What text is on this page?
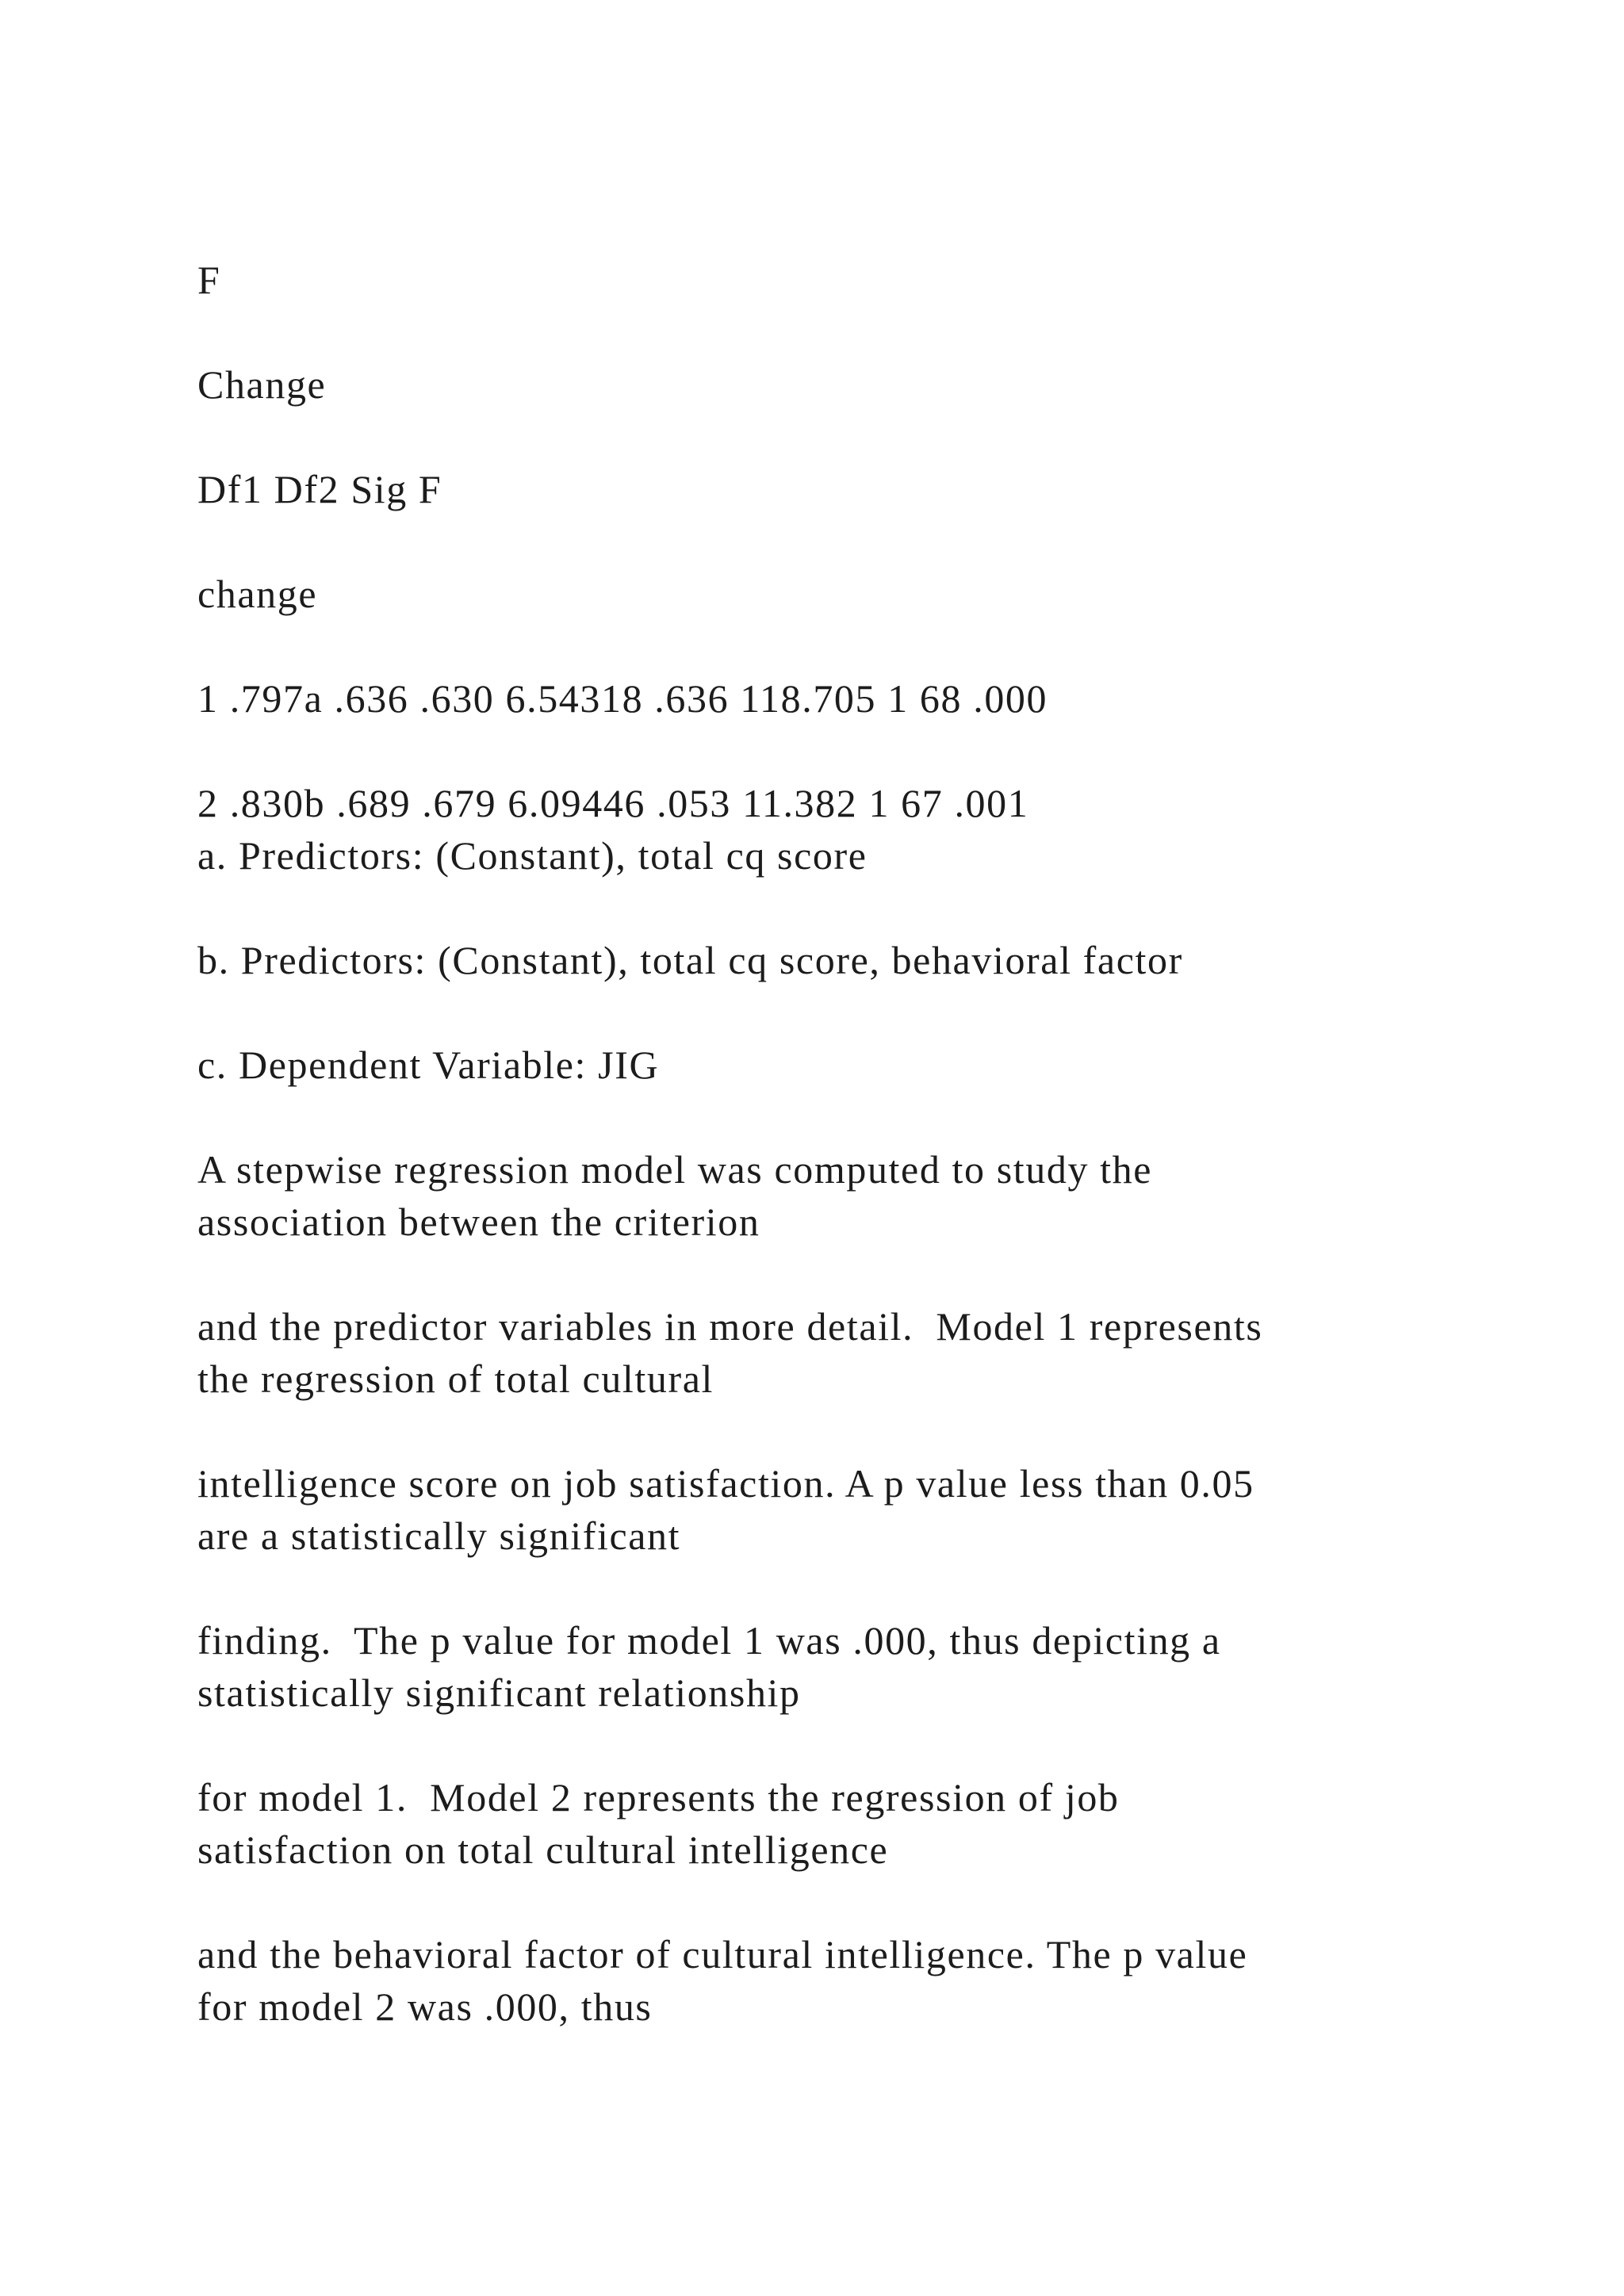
F
Change
Df1 Df2 Sig F
change
1 .797a .636 .630 6.54318 .636 118.705 1 68 .000
2 .830b .689 .679 6.09446 .053 11.382 1 67 .001
a. Predictors: (Constant), total cq score
b. Predictors: (Constant), total cq score, behavioral factor
c. Dependent Variable: JIG
A stepwise regression model was computed to study the
association between the criterion
and the predictor variables in more detail.  Model 1 represents
the regression of total cultural
intelligence score on job satisfaction. A p value less than 0.05
are a statistically significant
finding.  The p value for model 1 was .000, thus depicting a
statistically significant relationship
for model 1.  Model 2 represents the regression of job
satisfaction on total cultural intelligence
and the behavioral factor of cultural intelligence. The p value
for model 2 was .000, thus
